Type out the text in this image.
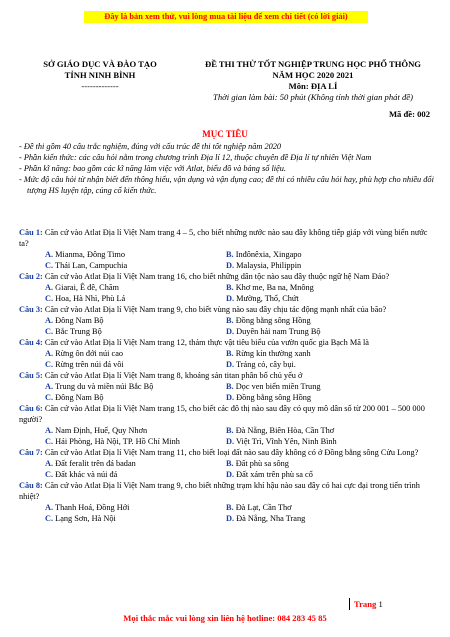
Đây là bản xem thử, vui lòng mua tài liệu để xem chi tiết (có lời giải)
SỞ GIÁO DỤC VÀ ĐÀO TẠO
TỈNH NINH BÌNH
-------------
ĐỀ THI THỬ TỐT NGHIỆP TRUNG HỌC PHỔ THÔNG
NĂM HỌC 2020 2021
Môn: ĐỊA LÍ
Thời gian làm bài: 50 phút (Không tính thời gian phát đề)
Mã đề: 002
MỤC TIÊU

- Đề thi gồm 40 câu trắc nghiệm, đúng với cấu trúc đề thi tốt nghiệp năm 2020

- Phần kiến thức: các câu hỏi nằm trong chương trình Địa lí 12, thuộc chuyên đề Địa lí tự nhiên Việt Nam

- Phần kĩ năng: bao gồm các kĩ năng làm việc với Atlat, biểu đồ và bảng số liệu.

- Mức độ câu hỏi từ nhận biết đến thông hiểu, vận dụng và vận dụng cao; đề thi có nhiều câu hỏi hay, phù hợp cho nhiều đối tượng HS luyện tập, củng cố kiến thức.

Câu 1: Căn cứ vào Atlat Địa lí Việt Nam trang 4 – 5, cho biết những nước nào sau đây không tiếp giáp với vùng biển nước ta?
A. Mianma, Đông Timo	B. Inđônêxia, Xingapo
C. Thái Lan, Campuchia	D. Malaysia, Philippin
Câu 2: Căn cứ vào Atlat Địa lí Việt Nam trang 16, cho biết những dân tộc nào sau đây thuộc ngữ hệ Nam Đảo?
A. Giarai, Ê đê, Chăm	B. Khơ me, Ba na, Mnông
C. Hoa, Hà Nhì, Phù Lá	D. Mường, Thổ, Chứt
Câu 3: Căn cứ vào Atlat Địa lí Việt Nam trang 9, cho biết vùng nào sau đây chịu tác động mạnh nhất của bão?
A. Đông Nam Bộ	B. Đồng bằng sông Hồng
C. Bắc Trung Bộ	D. Duyên hải nam Trung Bộ
Câu 4: Căn cứ vào Atlat Địa lí Việt Nam trang 12, thảm thực vật tiêu biểu của vườn quốc gia Bạch Mã là
A. Rừng ôn đới núi cao	B. Rừng kín thường xanh
C. Rừng trên núi đá vôi	D. Trảng cỏ, cây bụi.
Câu 5: Căn cứ vào Atlat Địa lí Việt Nam trang 8, khoáng sản titan phân bố chủ yếu ở
A. Trung du và miền núi Bắc Bộ	B. Dọc ven biển miền Trung
C. Đông Nam Bộ	D. Đồng bằng sông Hồng
Câu 6: Căn cứ vào Atlat Địa lí Việt Nam trang 15, cho biết các đô thị nào sau đây có quy mô dân số từ 200 001 – 500 000 người?
A. Nam Định, Huế, Quy Nhơn	B. Đà Nẵng, Biên Hòa, Cần Thơ
C. Hải Phòng, Hà Nội, TP. Hồ Chí Minh	D. Việt Trì, Vĩnh Yên, Ninh Bình
Câu 7: Căn cứ vào Atlat Địa lí Việt Nam trang 11, cho biết loại đất nào sau đây không có ở Đồng bằng sông Cửu Long?
A. Đất feralit trên đá badan	B. Đất phù sa sông
C. Đất khác và núi đá	D. Đất xám trên phù sa cổ
Câu 8: Căn cứ vào Atlat Địa lí Việt Nam trang 9, cho biết những trạm khí hậu nào sau đây có hai cực đại trong tiến trình nhiệt?
A. Thanh Hoá, Đồng Hới	B. Đà Lạt, Cần Thơ
C. Lạng Sơn, Hà Nội	D. Đà Nẵng, Nha Trang
Trang 1
Mọi thắc mắc vui lòng xin liên hệ hotline: 084 283 45 85
